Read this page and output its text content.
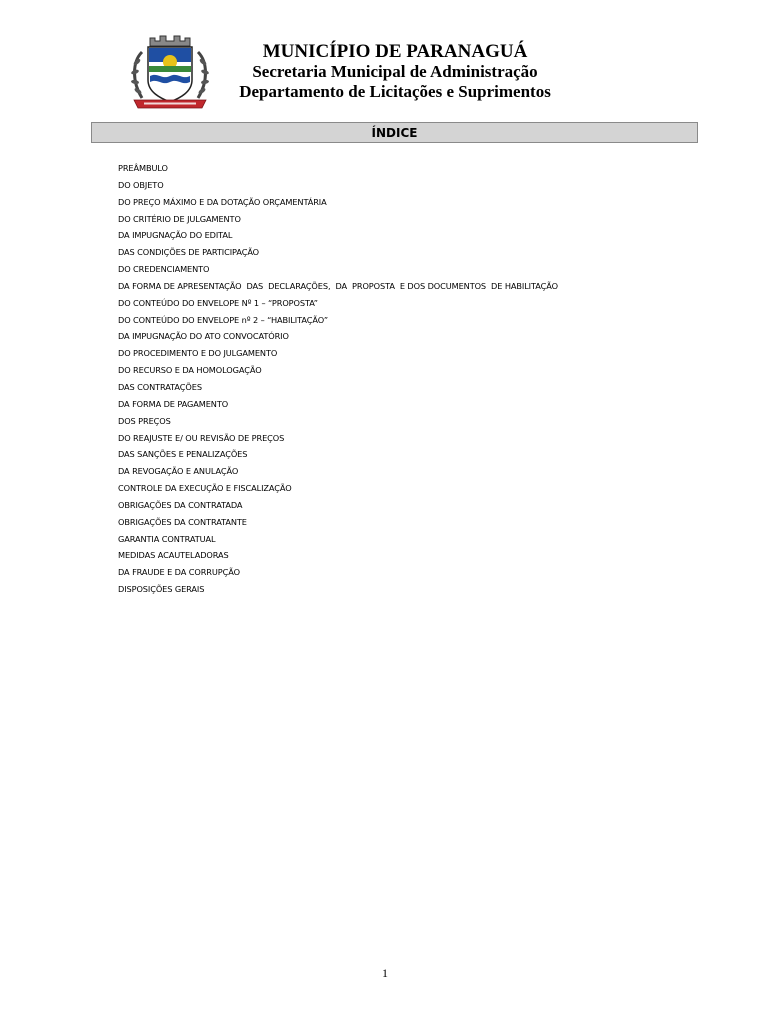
MUNICÍPIO DE PARANAGUÁ
Secretaria Municipal de Administração
Departamento de Licitações e Suprimentos
ÍNDICE
PREÂMBULO
DO OBJETO
DO PREÇO MÁXIMO E DA DOTAÇÃO ORÇAMENTÁRIA
DO CRITÉRIO DE JULGAMENTO
DA IMPUGNAÇÃO DO EDITAL
DAS CONDIÇÕES DE PARTICIPAÇÃO
DO CREDENCIAMENTO
DA FORMA DE APRESENTAÇÃO  DAS  DECLARAÇÕES,  DA  PROPOSTA  E DOS DOCUMENTOS  DE HABILITAÇÃO
DO CONTEÚDO DO ENVELOPE Nº 1 – “PROPOSTA”
DO CONTEÚDO DO ENVELOPE nº 2 – “HABILITAÇÃO”
DA IMPUGNAÇÃO DO ATO CONVOCATÓRIO
DO PROCEDIMENTO E DO JULGAMENTO
DO RECURSO E DA HOMOLOGAÇÃO
DAS CONTRATAÇÕES
DA FORMA DE PAGAMENTO
DOS PREÇOS
DO REAJUSTE E/ OU REVISÃO DE PREÇOS
DAS SANÇÕES E PENALIZAÇÕES
DA REVOGAÇÃO E ANULAÇÃO
CONTROLE DA EXECUÇÃO E FISCALIZAÇÃO
OBRIGAÇÕES DA CONTRATADA
OBRIGAÇÕES DA CONTRATANTE
GARANTIA CONTRATUAL
MEDIDAS ACAUTELADORAS
DA FRAUDE E DA CORRUPÇÃO
DISPOSIÇÕES GERAIS
1
